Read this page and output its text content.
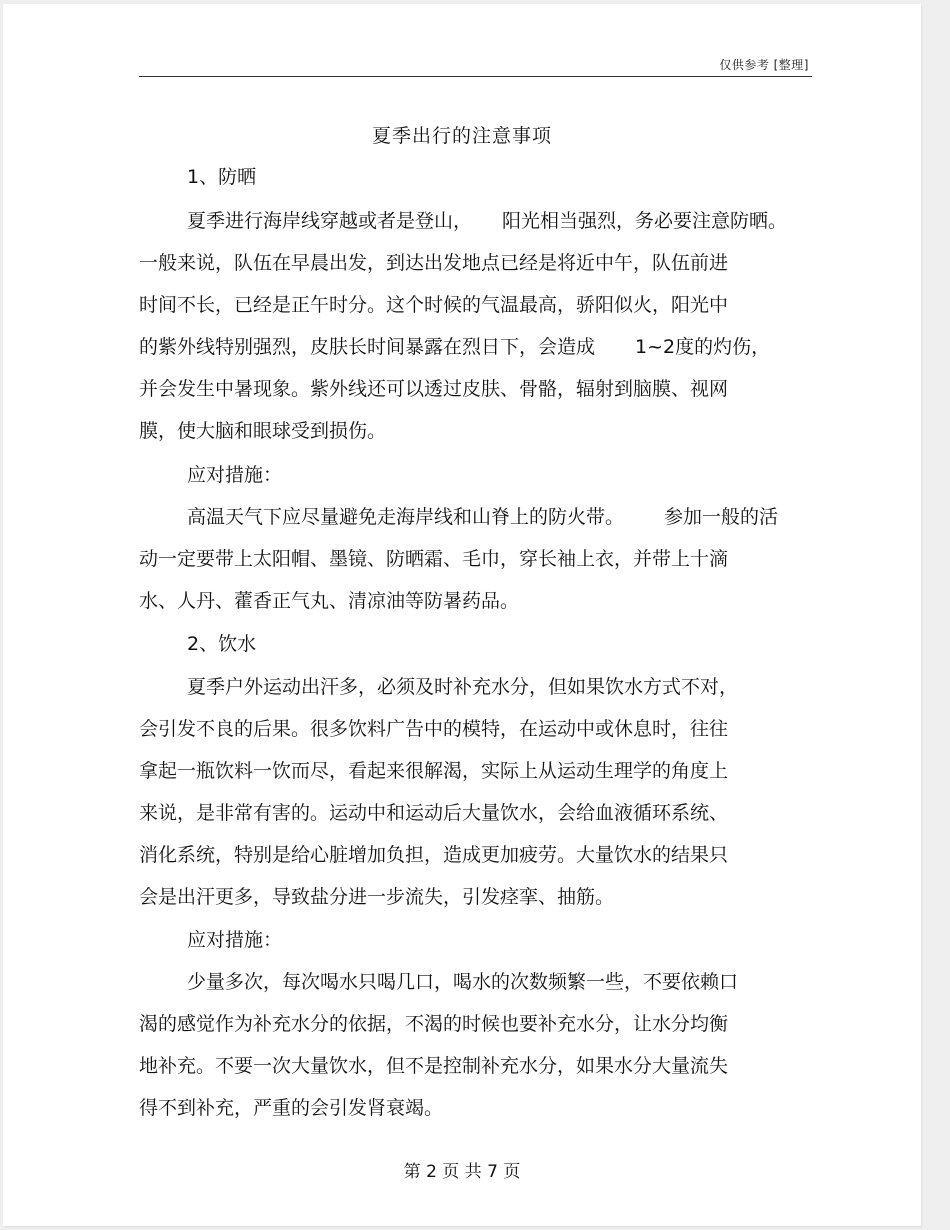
仅供参考 [整理]
夏季出行的注意事项
1、防晒
夏季进行海岸线穿越或者是登山， 阳光相当强烈，务必要注意防晒。
一般来说，队伍在早晨出发，到达出发地点已经是将近中午，队伍前进
时间不长，已经是正午时分。这个时候的气温最高，骄阳似火，阳光中
的紫外线特别强烈，皮肤长时间暴露在烈日下，会造成 1~2度的灼伤，
并会发生中暑现象。紫外线还可以透过皮肤、骨骼，辐射到脑膜、视网
膜，使大脑和眼球受到损伤。
应对措施：
高温天气下应尽量避免走海岸线和山脊上的防火带。 参加一般的活
动一定要带上太阳帽、墨镜、防晒霜、毛巾，穿长袖上衣，并带上十滴
水、人丹、藿香正气丸、清凉油等防暑药品。
2、饮水
夏季户外运动出汗多，必须及时补充水分，但如果饮水方式不对，
会引发不良的后果。很多饮料广告中的模特，在运动中或休息时，往往
拿起一瓶饮料一饮而尽，看起来很解渴，实际上从运动生理学的角度上
来说，是非常有害的。运动中和运动后大量饮水，会给血液循环系统、
消化系统，特别是给心脏增加负担，造成更加疲劳。大量饮水的结果只
会是出汗更多，导致盐分进一步流失，引发痉挛、抽筋。
应对措施：
少量多次，每次喝水只喝几口，喝水的次数频繁一些，不要依赖口
渴的感觉作为补充水分的依据，不渴的时候也要补充水分，让水分均衡
地补充。不要一次大量饮水，但不是控制补充水分，如果水分大量流失
得不到补充，严重的会引发肾衰竭。
第 2 页 共 7 页
